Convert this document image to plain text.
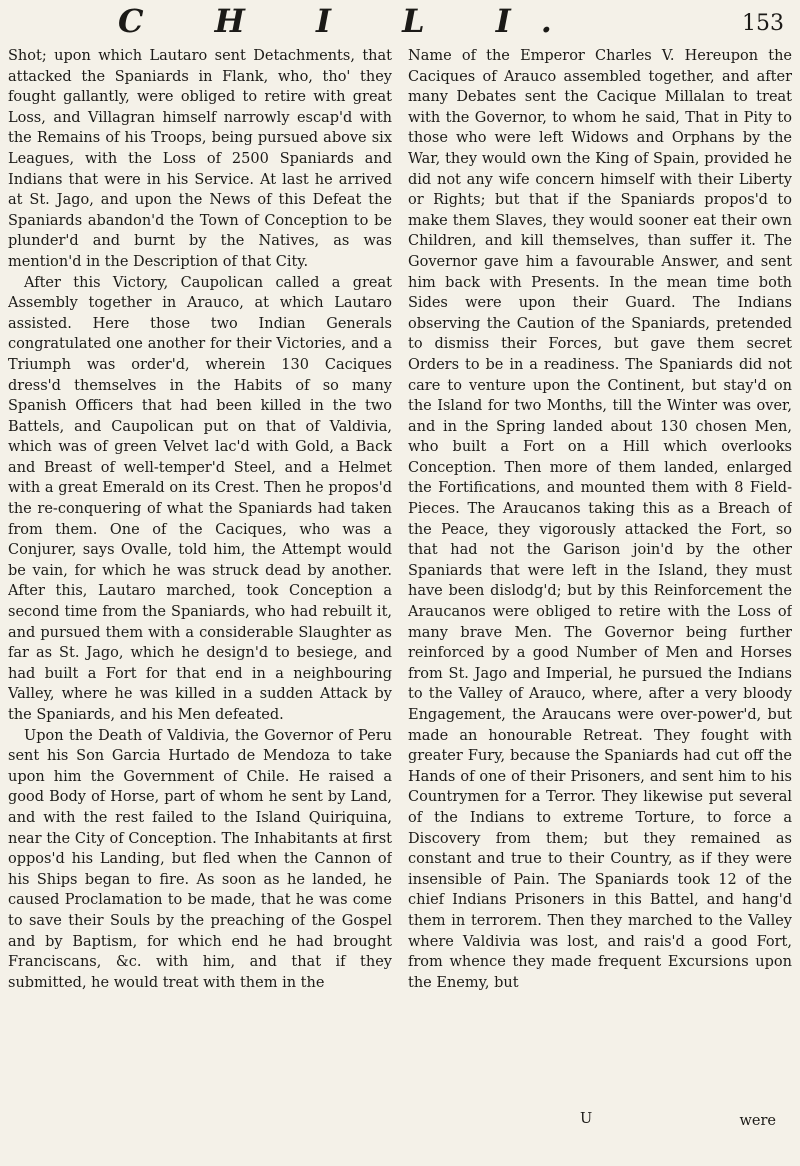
C H I L I.	153

Shot; upon which Lautaro sent Detachments, that attacked the Spaniards in Flank, who, tho' they fought gallantly, were obliged to retire with great Loss, and Villagran himself narrowly escap'd with the Remains of his Troops, being pursued above six Leagues, with the Loss of 2500 Spaniards and Indians that were in his Service. At last he arrived at St. Jago, and upon the News of this Defeat the Spaniards abandon'd the Town of Conception to be plunder'd and burnt by the Natives, as was mention'd in the Description of that City.

After this Victory, Caupolican called a great Assembly together in Arauco, at which Lautaro assisted. Here those two Indian Generals congratulated one another for their Victories, and a Triumph was order'd, wherein 130 Caciques dress'd themselves in the Habits of so many Spanish Officers that had been killed in the two Battels, and Caupolican put on that of Valdivia, which was of green Velvet lac'd with Gold, a Back and Breast of well-temper'd Steel, and a Helmet with a great Emerald on its Crest. Then he propos'd the re-conquering of what the Spaniards had taken from them. One of the Caciques, who was a Conjurer, says Ovalle, told him, the Attempt would be vain, for which he was struck dead by another. After this, Lautaro marched, took Conception a second time from the Spaniards, who had rebuilt it, and pursued them with a considerable Slaughter as far as St. Jago, which he design'd to besiege, and had built a Fort for that end in a neighbouring Valley, where he was killed in a sudden Attack by the Spaniards, and his Men defeated.

Upon the Death of Valdivia, the Governor of Peru sent his Son Garcia Hurtado de Mendoza to take upon him the Government of Chile. He raised a good Body of Horse, part of whom he sent by Land, and with the rest failed to the Island Quiriquina, near the City of Conception. The Inhabitants at first oppos'd his Landing, but fled when the Cannon of his Ships began to fire. As soon as he landed, he caused Proclamation to be made, that he was come to save their Souls by the preaching of the Gospel and by Baptism, for which end he had brought Franciscans, &c. with him, and that if they submitted, he would treat with them in the

Name of the Emperor Charles V. Hereupon the Caciques of Arauco assembled together, and after many Debates sent the Cacique Millalan to treat with the Governor, to whom he said, That in Pity to those who were left Widows and Orphans by the War, they would own the King of Spain, provided he did not any wife concern himself with their Liberty or Rights; but that if the Spaniards propos'd to make them Slaves, they would sooner eat their own Children, and kill themselves, than suffer it. The Governor gave him a favourable Answer, and sent him back with Presents. In the mean time both Sides were upon their Guard. The Indians observing the Caution of the Spaniards, pretended to dismiss their Forces, but gave them secret Orders to be in a readiness. The Spaniards did not care to venture upon the Continent, but stay'd on the Island for two Months, till the Winter was over, and in the Spring landed about 130 chosen Men, who built a Fort on a Hill which overlooks Conception. Then more of them landed, enlarged the Fortifications, and mounted them with 8 Field-Pieces. The Araucanos taking this as a Breach of the Peace, they vigorously attacked the Fort, so that had not the Garison join'd by the other Spaniards that were left in the Island, they must have been dislodg'd; but by this Reinforcement the Araucanos were obliged to retire with the Loss of many brave Men. The Governor being further reinforced by a good Number of Men and Horses from St. Jago and Imperial, he pursued the Indians to the Valley of Arauco, where, after a very bloody Engagement, the Araucans were over-power'd, but made an honourable Retreat. They fought with greater Fury, because the Spaniards had cut off the Hands of one of their Prisoners, and sent him to his Countrymen for a Terror. They likewise put several of the Indians to extreme Torture, to force a Discovery from them; but they remained as constant and true to their Country, as if they were insensible of Pain. The Spaniards took 12 of the chief Indians Prisoners in this Battel, and hang'd them in terrorem. Then they marched to the Valley where Valdivia was lost, and rais'd a good Fort, from whence they made frequent Excursions upon the Enemy, but

U	were
